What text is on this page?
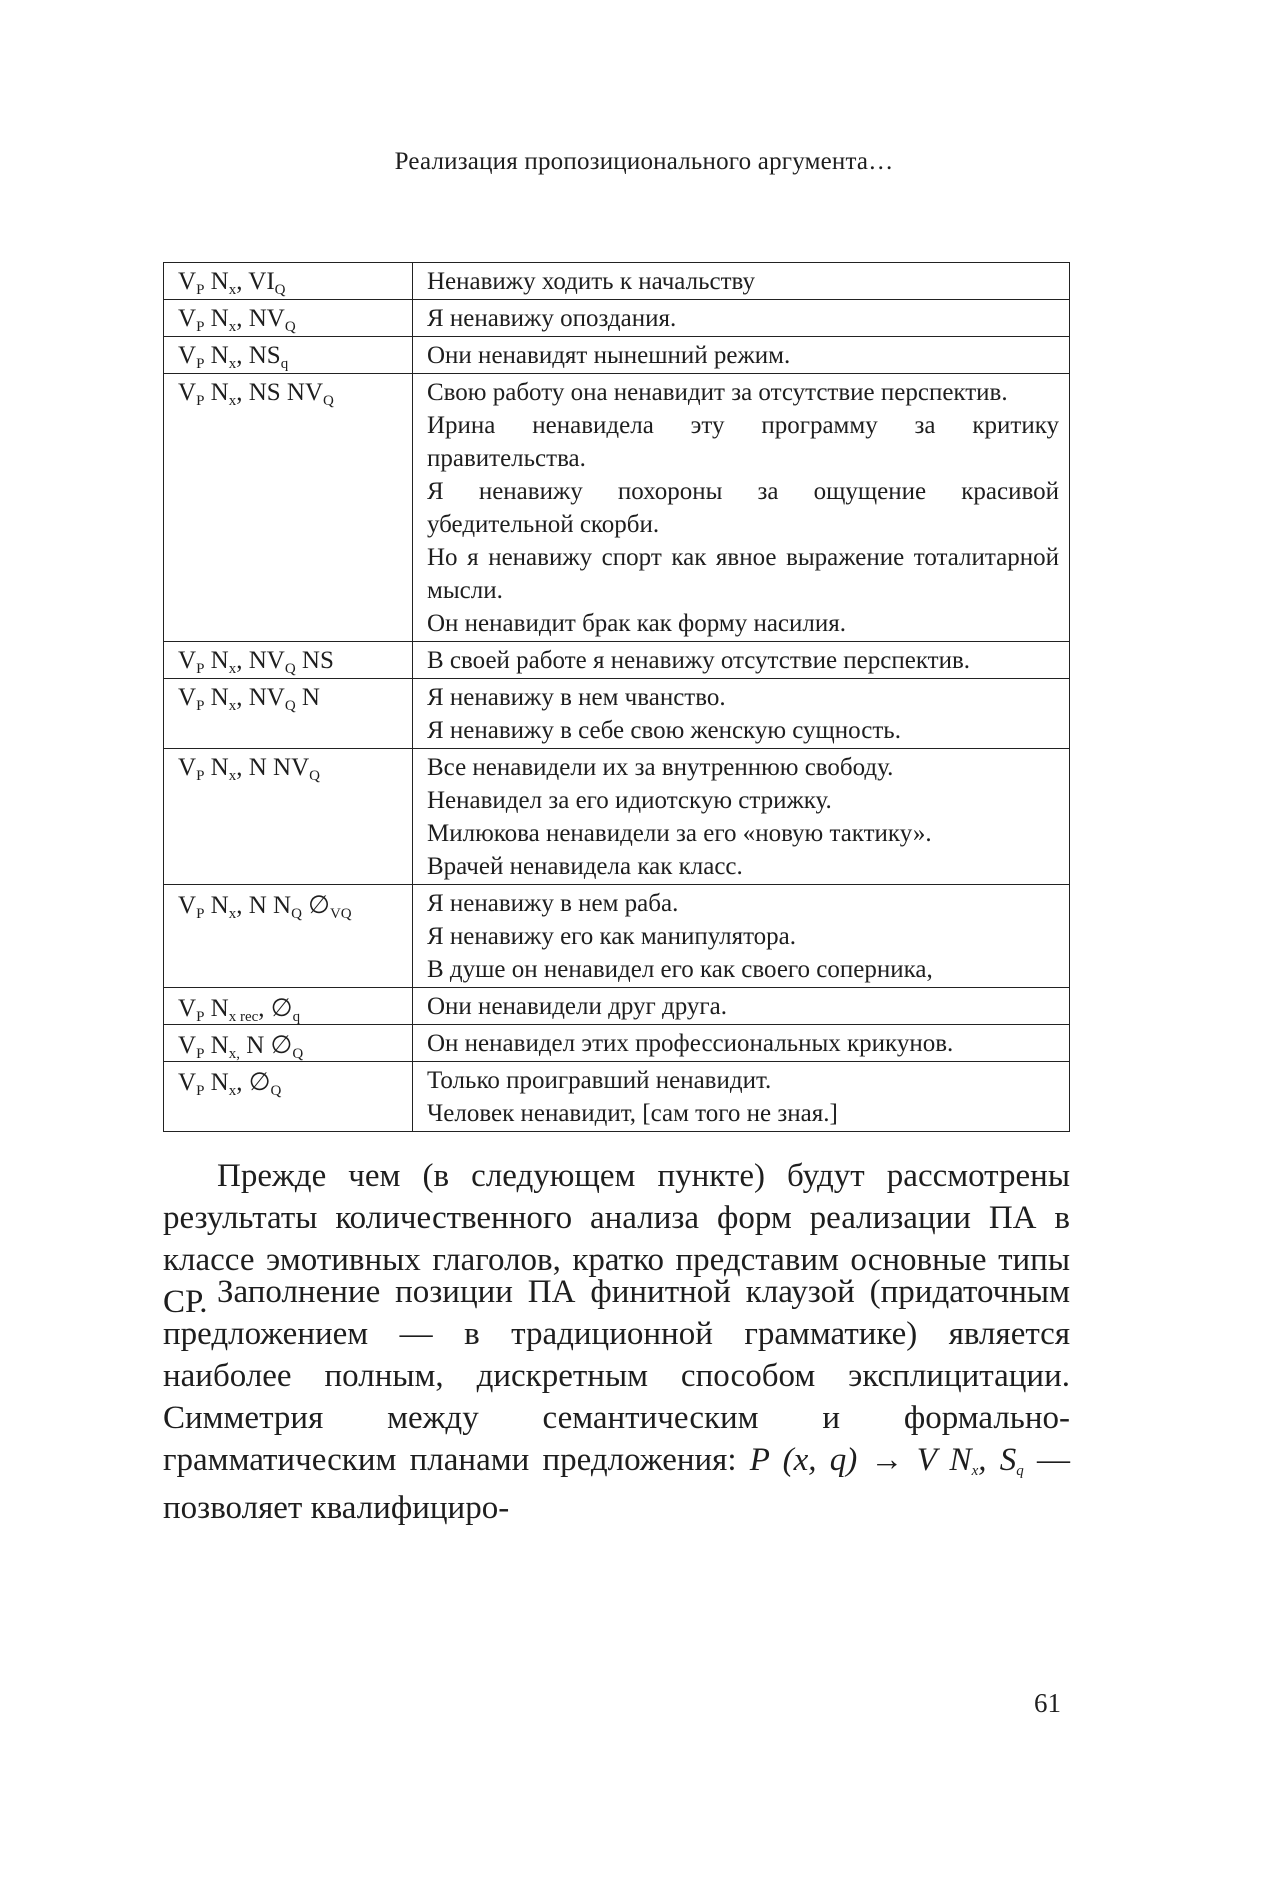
Реализация пропозиционального аргумента…
$V_P$ $N_x$, $VI_Q$	Ненавижу ходить к начальству

$V_P$ $N_x$, $NV_Q$	Я ненавижу опоздания.

$V_P$ $N_x$, $NS_q$	Они ненавидят нынешний режим.

$V_P$ $N_x$, NS $NV_Q$	Свою работу она ненавидит за отсутствие перспектив.
Ирина ненавидела эту программу за критику правительства.
Я ненавижу похороны за ощущение красивой убедительной скорби.
Но я ненавижу спорт как явное выражение тоталитарной мысли.
Он ненавидит брак как форму насилия.

$V_P$ $N_x$, $NV_Q$ NS	В своей работе я ненавижу отсутствие перспектив.

$V_P$ $N_x$, $NV_Q$ N	Я ненавижу в нем чванство.
Я ненавижу в себе свою женскую сущность.

$V_P$ $N_x$, N $NV_Q$	Все ненавидели их за внутреннюю свободу.
Ненавидел за его идиотскую стрижку.
Милюкова ненавидели за его «новую тактику».
Врачей ненавидела как класс.

$V_P$ $N_x$, N $N_Q$ $\emptyset_{VQ}$	Я ненавижу в нем раба.
Я ненавижу его как манипулятора.
В душе он ненавидел его как своего соперника,

$V_P$ $N_{x rec}$, $\emptyset_q$	Они ненавидели друг друга.

$V_P$ $N_{x,}$ N $\emptyset_Q$	Он ненавидел этих профессиональных крикунов.

$V_P$ $N_x$, $\emptyset_Q$	Только проигравший ненавидит.
Человек ненавидит, [сам того не зная.]
Прежде чем (в следующем пункте) будут рассмотрены результаты количественного анализа форм реализации ПА в классе эмотивных глаголов, кратко представим основные типы СР. Заполнение позиции ПА финитной клаузой (придаточным предложением — в традиционной грамматике) является наиболее полным, дискретным способом эксплицитации. Симметрия между семантическим и формально-грамматическим планами предложения: P (x, q) → V $N_x$, $S_q$ — позволяет квалифициро-
61
